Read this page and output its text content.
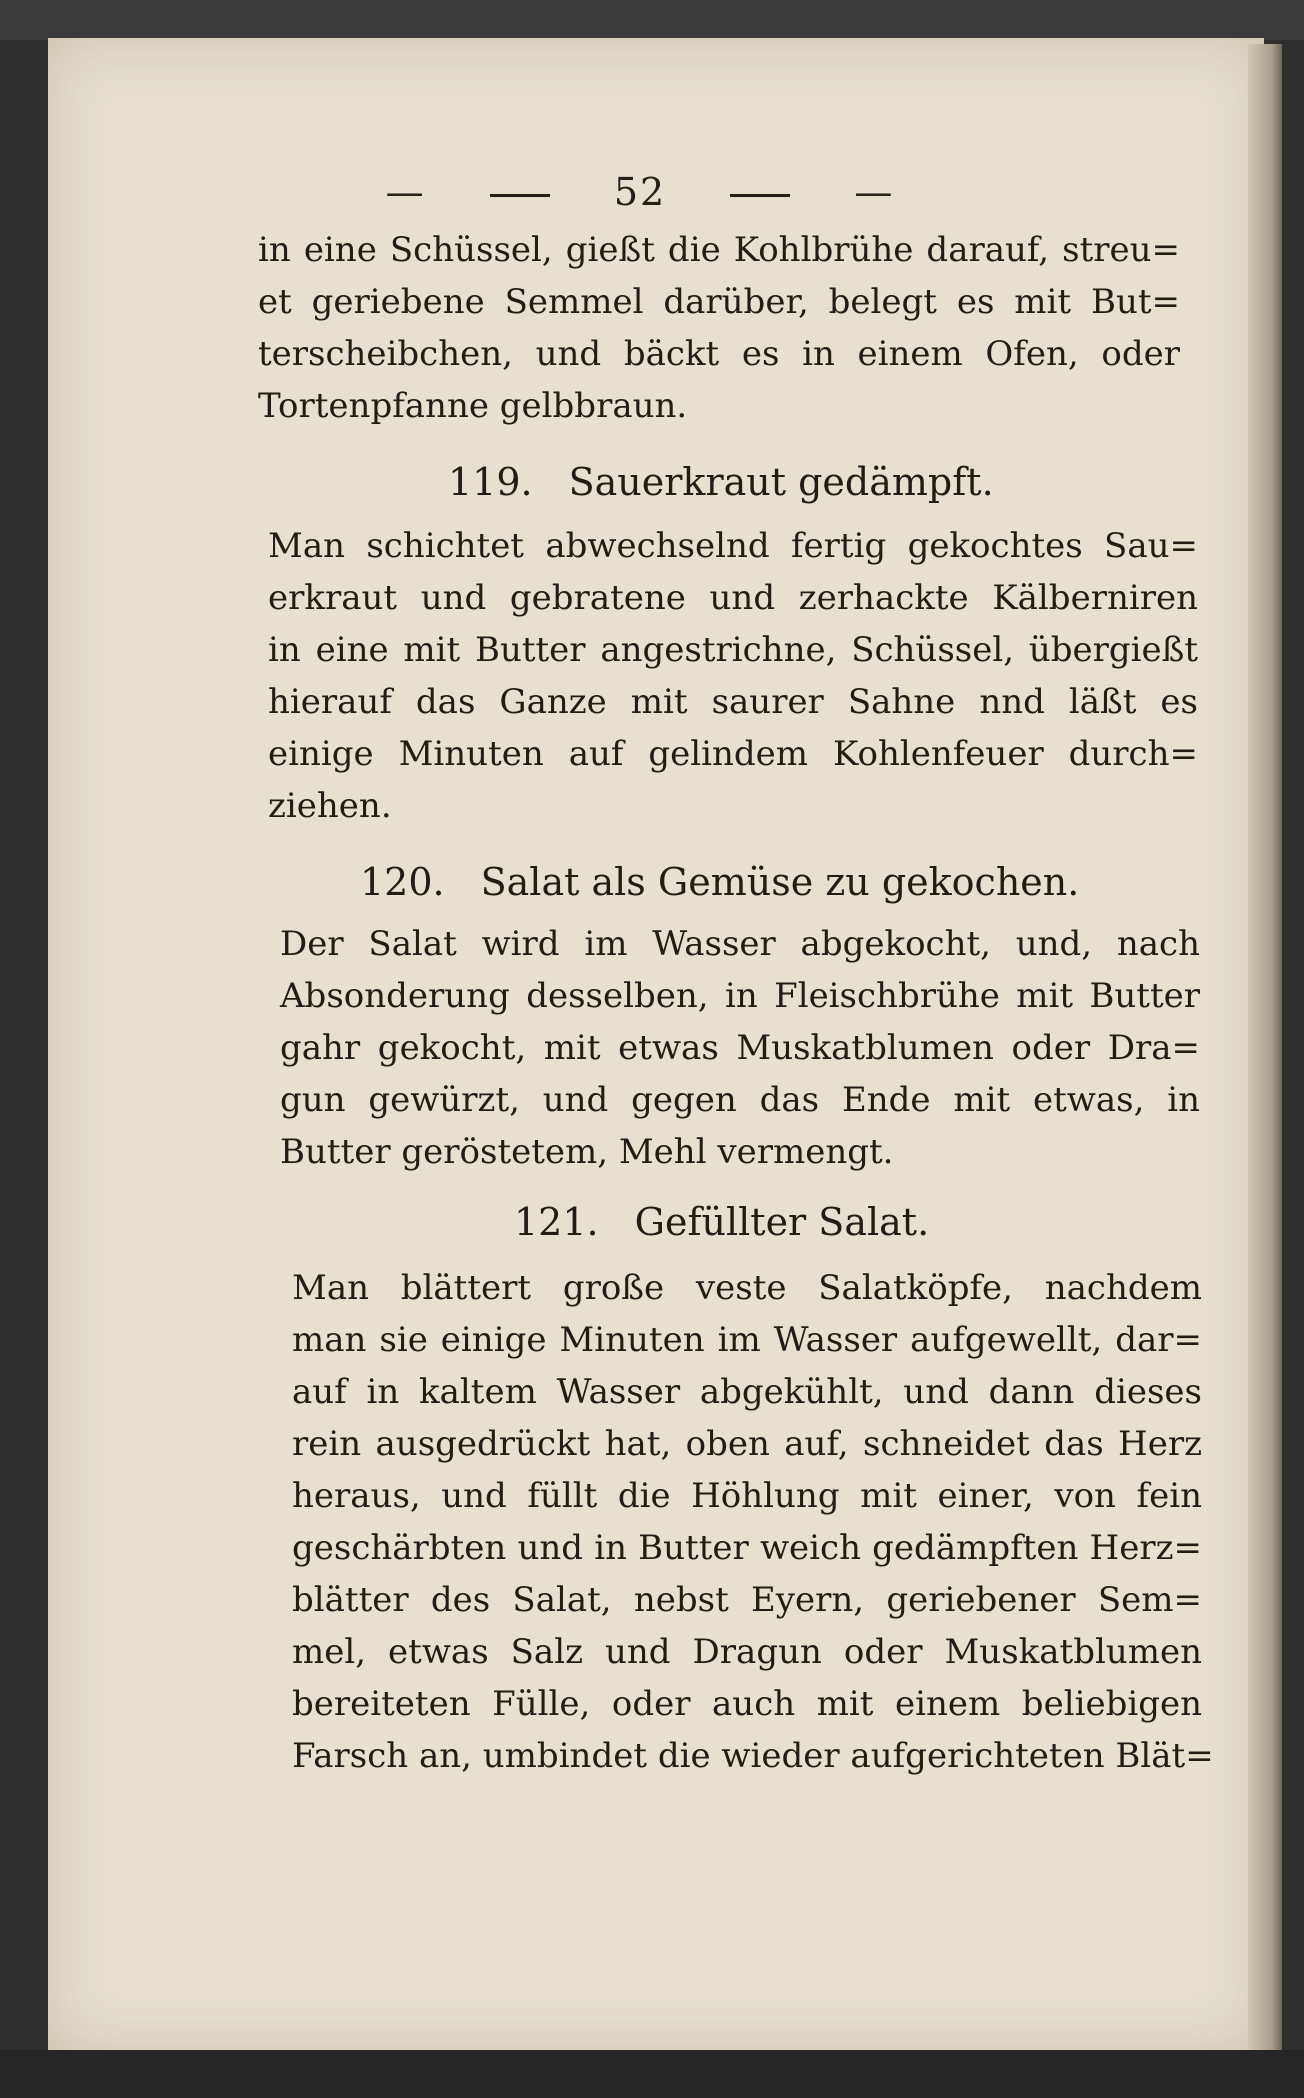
—	52	—
in eine Schüssel, gießt die Kohlbrühe darauf, streu=
et geriebene Semmel darüber, belegt es mit But=
terscheibchen, und bäckt es in einem Ofen, oder
Tortenpfanne gelbbraun.
119. Sauerkraut gedämpft.
Man schichtet abwechselnd fertig gekochtes Sau=
erkraut und gebratene und zerhackte Kälberniren
in eine mit Butter angestrichne, Schüssel, übergießt
hierauf das Ganze mit saurer Sahne nnd läßt es
einige Minuten auf gelindem Kohlenfeuer durch=
ziehen.
120. Salat als Gemüse zu gekochen.
Der Salat wird im Wasser abgekocht, und, nach
Absonderung desselben, in Fleischbrühe mit Butter
gahr gekocht, mit etwas Muskatblumen oder Dra=
gun gewürzt, und gegen das Ende mit etwas, in
Butter geröstetem, Mehl vermengt.
121. Gefüllter Salat.
Man blättert große veste Salatköpfe, nachdem
man sie einige Minuten im Wasser aufgewellt, dar=
auf in kaltem Wasser abgekühlt, und dann dieses
rein ausgedrückt hat, oben auf, schneidet das Herz
heraus, und füllt die Höhlung mit einer, von fein
geschärbten und in Butter weich gedämpften Herz=
blätter des Salat, nebst Eyern, geriebener Sem=
mel, etwas Salz und Dragun oder Muskatblumen
bereiteten Fülle, oder auch mit einem beliebigen
Farsch an, umbindet die wieder aufgerichteten Blät=
